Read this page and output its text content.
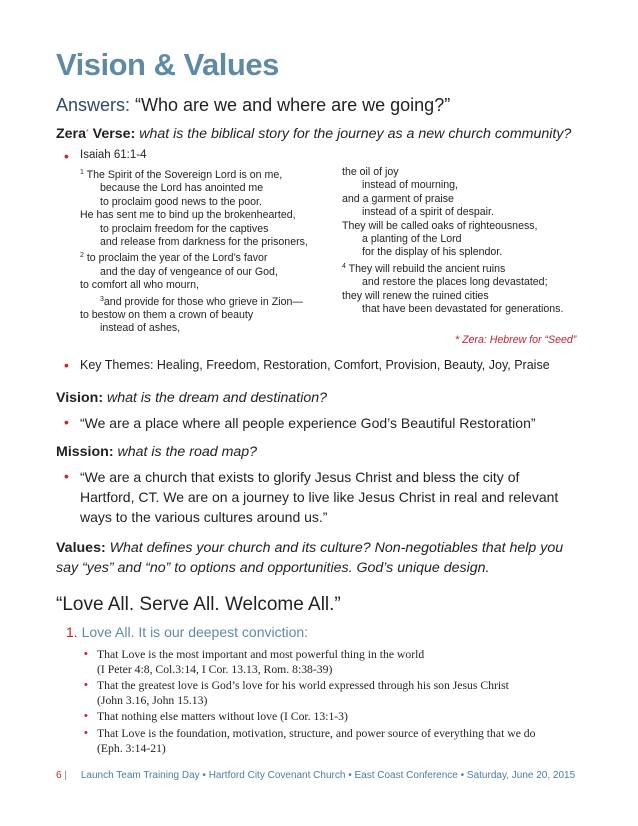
Vision & Values
Answers: “Who are we and where are we going?”
Zera* Verse: what is the biblical story for the journey as a new church community?
• Isaiah 61:1-4
$^1$ The Spirit of the Sovereign Lord is on me,
because the Lord has anointed me
to proclaim good news to the poor.
He has sent me to bind up the brokenhearted,
to proclaim freedom for the captives
and release from darkness for the prisoners,
$^2$ to proclaim the year of the Lord’s favor
and the day of vengeance of our God,
to comfort all who mourn,
$^3$and provide for those who grieve in Zion—
to bestow on them a crown of beauty
instead of ashes,
the oil of joy
instead of mourning,
and a garment of praise
instead of a spirit of despair.
They will be called oaks of righteousness,
a planting of the Lord
for the display of his splendor.
$^4$ They will rebuild the ancient ruins
and restore the places long devastated;
they will renew the ruined cities
that have been devastated for generations.
* Zera: Hebrew for “Seed”
• Key Themes: Healing, Freedom, Restoration, Comfort, Provision, Beauty, Joy, Praise
Vision: what is the dream and destination?
• “We are a place where all people experience God’s Beautiful Restoration”
Mission: what is the road map?
• “We are a church that exists to glorify Jesus Christ and bless the city of
Hartford, CT. We are on a journey to live like Jesus Christ in real and relevant
ways to the various cultures around us.”
Values: What defines your church and its culture? Non-negotiables that help you
say “yes” and “no” to options and opportunities. God’s unique design.
“Love All. Serve All. Welcome All.”
1. Love All. It is our deepest conviction:
• That Love is the most important and most powerful thing in the world
(I Peter 4:8, Col.3:14, I Cor. 13.13, Rom. 8:38-39)
• That the greatest love is God’s love for his world expressed through his son Jesus Christ
(John 3.16, John 15.13)
• That nothing else matters without love (I Cor. 13:1-3)
• That Love is the foundation, motivation, structure, and power source of everything that we do
(Eph. 3:14-21)
6 | Launch Team Training Day • Hartford City Covenant Church • East Coast Conference • Saturday, June 20, 2015
